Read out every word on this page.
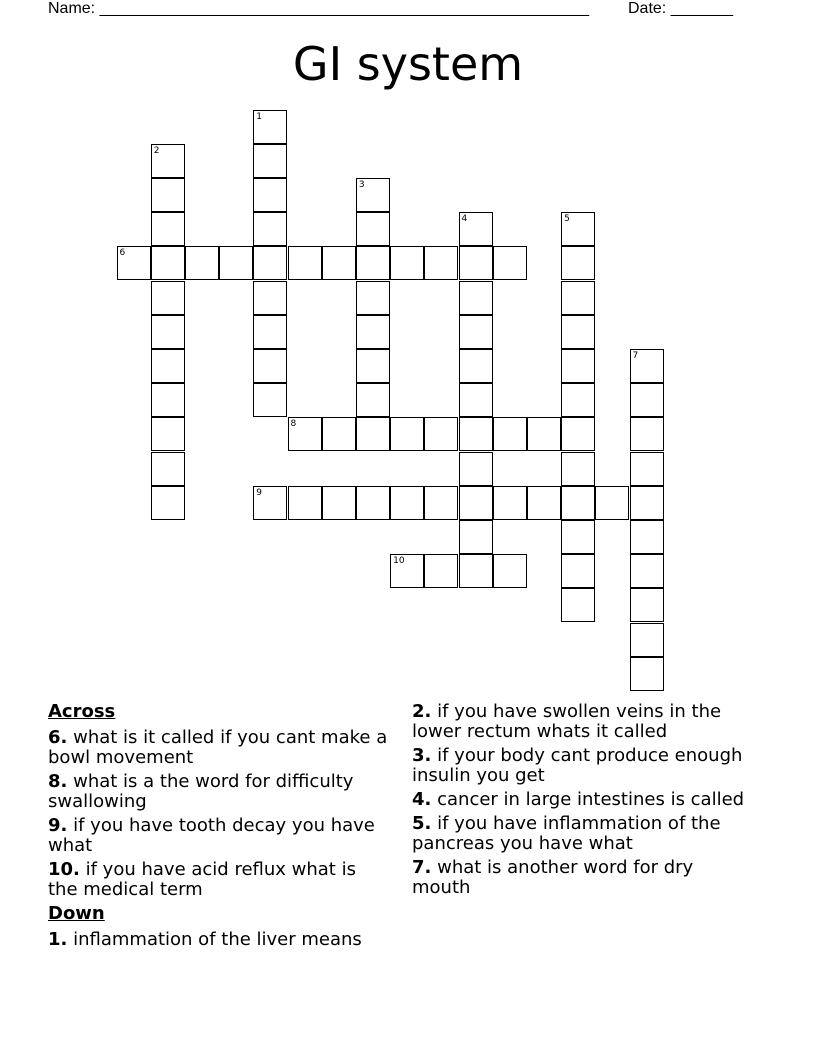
Name: _______________________________________________________ Date: _______
GI system
1
2
3
4	5
6
7
8
9
10

Across

6. what is it called if you cant make a bowl movement

8. what is a the word for difficulty swallowing

9. if you have tooth decay you have what

10. if you have acid reflux what is the medical term

Down

1. inflammation of the liver means

2. if you have swollen veins in the lower rectum whats it called

3. if your body cant produce enough insulin you get

4. cancer in large intestines is called

5. if you have inflammation of the pancreas you have what

7. what is another word for dry mouth
